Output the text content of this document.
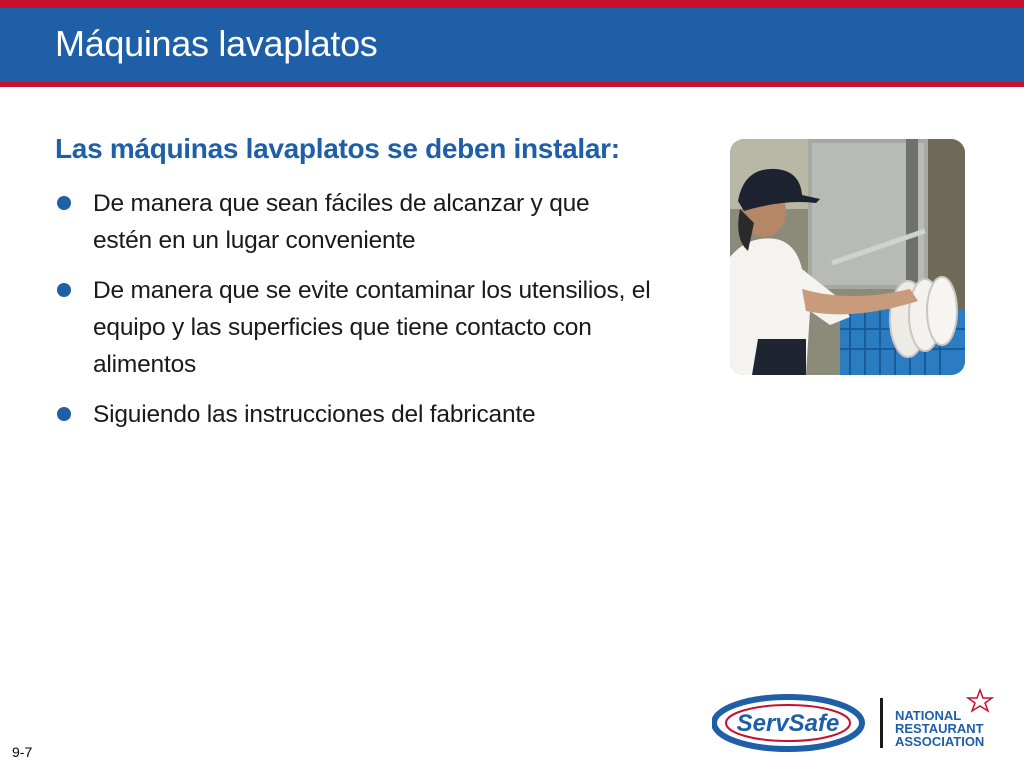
Máquinas lavaplatos
Las máquinas lavaplatos se deben instalar:
De manera que sean fáciles de alcanzar y que estén en un lugar conveniente
De manera que se evite contaminar los utensilios, el equipo y las superficies que tiene contacto con alimentos
Siguiendo las instrucciones del fabricante
9-7
ServSafe	NATIONAL
RESTAURANT
ASSOCIATION
